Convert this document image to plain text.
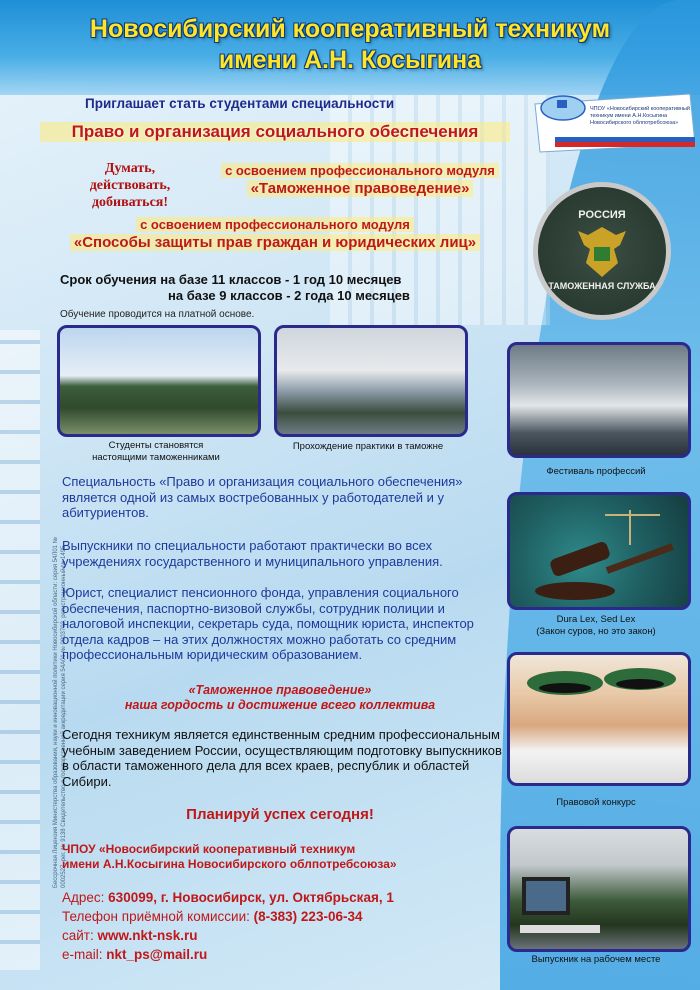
Бессрочная Лицензия Министерства образования, науки и инновационной политики Новосибирской области: серия 54Л01 № 0002527, рег. № 9138 Свидетельство о государственной аккредитации серия 54А01 № 0003702, регистрационный № 1495
Новосибирский кооперативный техникум
имени А.Н. Косыгина
ЧПОУ «Новосибирский кооперативный техникум имени А.Н.Косыгина Новосибирского облпотребсоюза»
Приглашает стать студентами специальности
Право и организация социального обеспечения
Думать,
действовать,
добиваться!
с освоением профессионального модуля
«Таможенное правоведение»
с освоением профессионального модуля
«Способы защиты прав граждан и юридических лиц»
РОССИЯ
ТАМОЖЕННАЯ СЛУЖБА
Срок обучения на базе 11 классов - 1 год 10 месяцев
на базе 9 классов - 2 года 10 месяцев
Обучение проводится на платной основе.
Студенты становятся
настоящими таможенниками
Прохождение практики в таможне
Фестиваль профессий
Dura Lex, Sed Lex
(Закон суров, но это закон)
Правовой конкурс
Выпускник на рабочем месте
Специальность «Право и организация социального обеспечения» является одной из самых востребованных у работодателей и у абитуриентов.
Выпускники по специальности работают практически во всех учреждениях государственного и муниципального управления.
Юрист, специалист пенсионного фонда, управления социального обеспечения, паспортно-визовой службы, сотрудник полиции и налоговой инспекции, секретарь суда, помощник юриста, инспектор отдела кадров – на этих должностях можно работать со средним профессиональным юридическим образованием.
«Таможенное правоведение»
наша гордость и достижение всего коллектива
Сегодня техникум является единственным средним профессиональным учебным заведением России, осуществляющим подготовку выпускников в области таможенного дела для всех краев, республик и областей Сибири.
Планируй успех сегодня!
ЧПОУ «Новосибирский кооперативный техникум
имени А.Н.Косыгина Новосибирского облпотребсоюза»
Адрес: 630099, г. Новосибирск, ул. Октябрьская, 1
Телефон приёмной комиссии: (8-383) 223-06-34
сайт: www.nkt-nsk.ru
e-mail: nkt_ps@mail.ru
